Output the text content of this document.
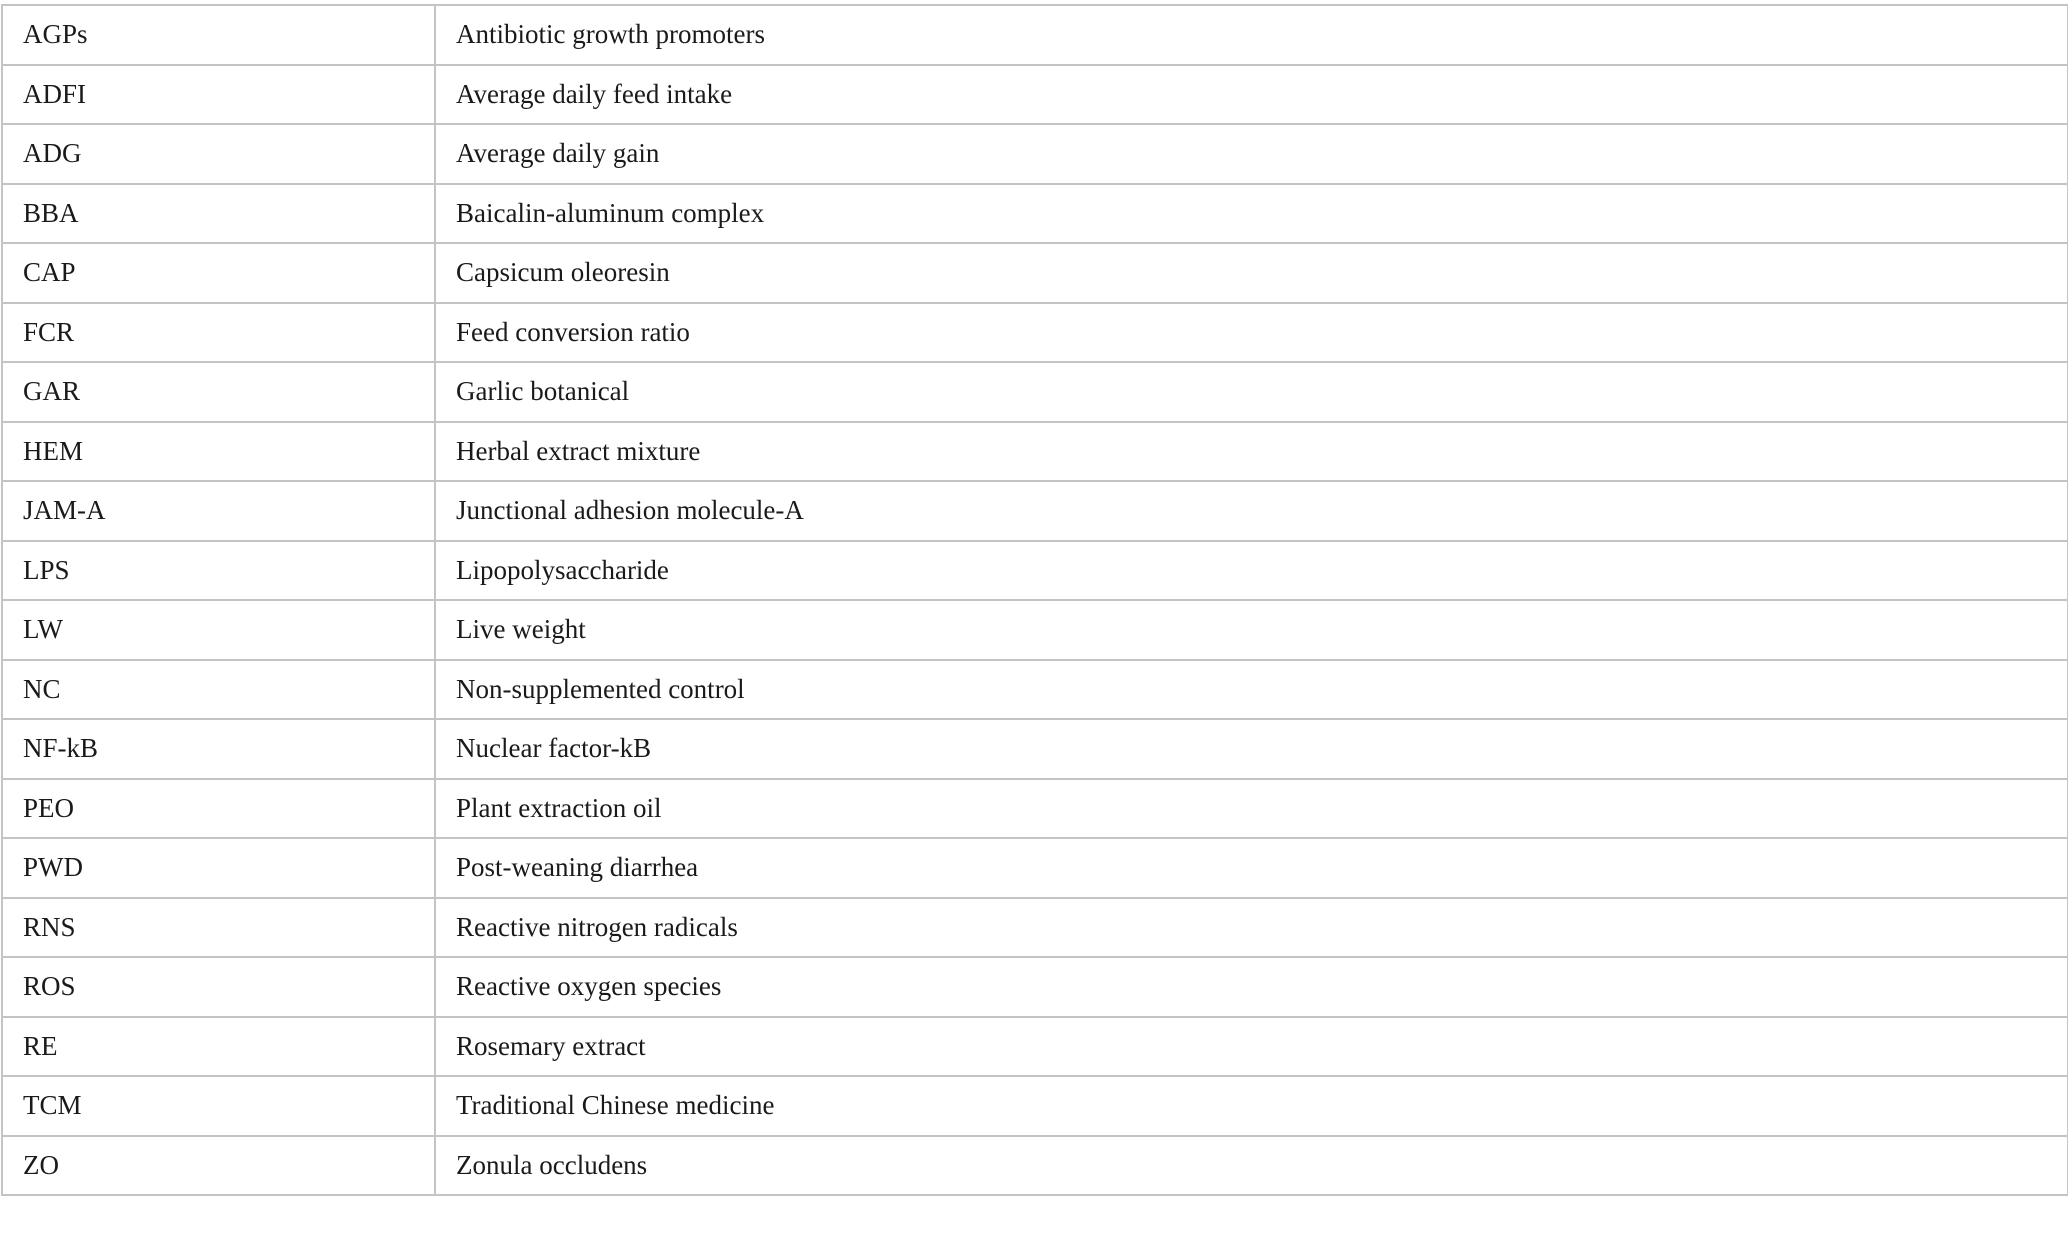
AGPs	Antibiotic growth promoters
ADFI	Average daily feed intake
ADG	Average daily gain
BBA	Baicalin-aluminum complex
CAP	Capsicum oleoresin
FCR	Feed conversion ratio
GAR	Garlic botanical
HEM	Herbal extract mixture
JAM-A	Junctional adhesion molecule-A
LPS	Lipopolysaccharide
LW	Live weight
NC	Non-supplemented control
NF-kB	Nuclear factor-kB
PEO	Plant extraction oil
PWD	Post-weaning diarrhea
RNS	Reactive nitrogen radicals
ROS	Reactive oxygen species
RE	Rosemary extract
TCM	Traditional Chinese medicine
ZO	Zonula occludens
